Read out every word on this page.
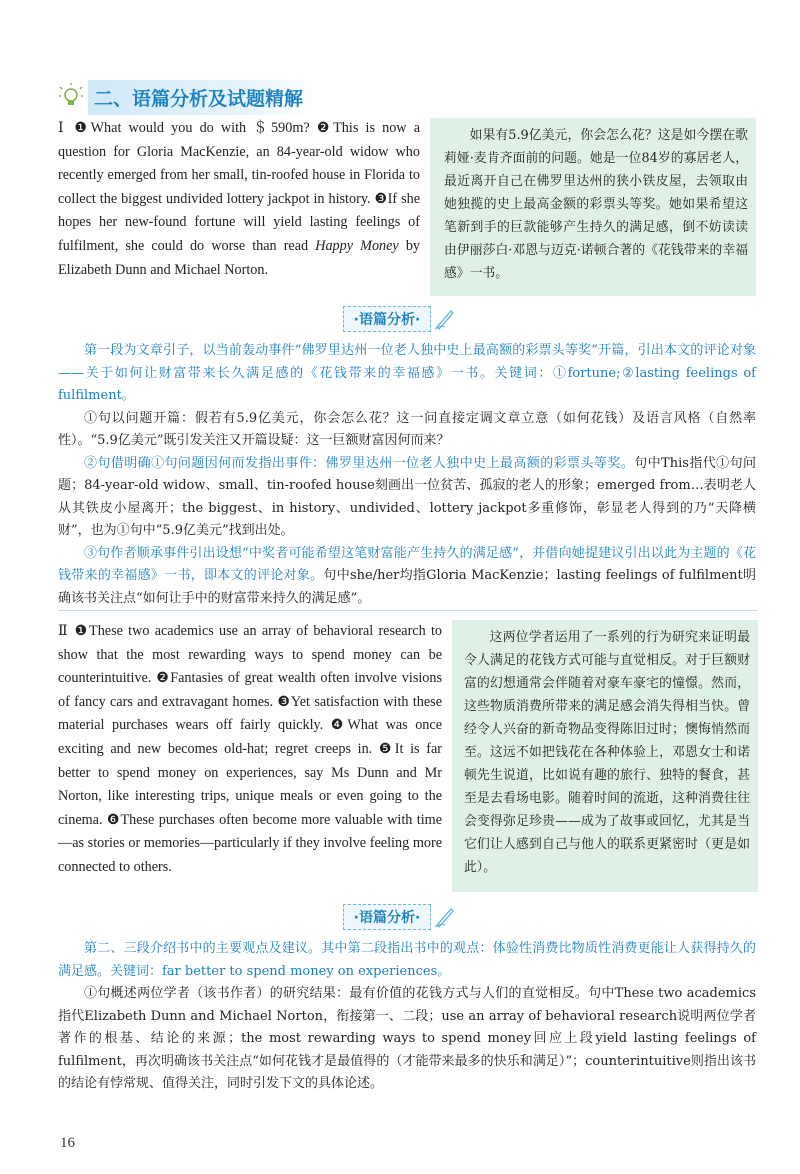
二、语篇分析及试题精解
Ⅰ ❶What would you do with ＄590m? ❷This is now a question for Gloria MacKenzie, an 84-year-old widow who recently emerged from her small, tin-roofed house in Florida to collect the biggest undivided lottery jackpot in history. ❸If she hopes her new-found fortune will yield lasting feelings of fulfilment, she could do worse than read Happy Money by Elizabeth Dunn and Michael Norton.
如果有5.9亿美元，你会怎么花？这是如今摆在歌莉娅·麦肯齐面前的问题。她是一位84岁的寡居老人，最近离开自己在佛罗里达州的狭小铁皮屋，去领取由她独揽的史上最高金额的彩票头等奖。她如果希望这笔新到手的巨款能够产生持久的满足感，倒不妨读读由伊丽莎白·邓恩与迈克·诺顿合著的《花钱带来的幸福感》一书。
·语篇分析·

第一段为文章引子，以当前轰动事件“佛罗里达州一位老人独中史上最高额的彩票头等奖”开篇，引出本文的评论对象——关于如何让财富带来长久满足感的《花钱带来的幸福感》一书。关键词：①fortune;②lasting feelings of fulfilment。

①句以问题开篇：假若有5.9亿美元，你会怎么花？这一问直接定调文章立意（如何花钱）及语言风格（自然率性）。“5.9亿美元”既引发关注又开篇设疑：这一巨额财富因何而来？

②句借明确①句问题因何而发指出事件：佛罗里达州一位老人独中史上最高额的彩票头等奖。句中This指代①句问题；84-year-old widow、small、tin-roofed house刻画出一位贫苦、孤寂的老人的形象；emerged from…表明老人从其铁皮小屋离开；the biggest、in history、undivided、lottery jackpot多重修饰，彰显老人得到的乃“天降横财”，也为①句中“5.9亿美元”找到出处。

③句作者顺承事件引出设想“中奖者可能希望这笔财富能产生持久的满足感”，并借向她提建议引出以此为主题的《花钱带来的幸福感》一书，即本文的评论对象。句中she/her均指Gloria MacKenzie；lasting feelings of fulfilment明确该书关注点“如何让手中的财富带来持久的满足感”。

Ⅱ ❶These two academics use an array of behavioral research to show that the most rewarding ways to spend money can be counterintuitive. ❷Fantasies of great wealth often involve visions of fancy cars and extravagant homes. ❸Yet satisfaction with these material purchases wears off fairly quickly. ❹What was once exciting and new becomes old-hat; regret creeps in. ❺It is far better to spend money on experiences, say Ms Dunn and Mr Norton, like interesting trips, unique meals or even going to the cinema. ❻These purchases often become more valuable with time—as stories or memories—particularly if they involve feeling more connected to others.
这两位学者运用了一系列的行为研究来证明最令人满足的花钱方式可能与直觉相反。对于巨额财富的幻想通常会伴随着对豪车豪宅的憧憬。然而，这些物质消费所带来的满足感会消失得相当快。曾经令人兴奋的新奇物品变得陈旧过时；懊悔悄然而至。这远不如把钱花在各种体验上，邓恩女士和诺顿先生说道，比如说有趣的旅行、独特的餐食，甚至是去看场电影。随着时间的流逝，这种消费往往会变得弥足珍贵——成为了故事或回忆，尤其是当它们让人感到自己与他人的联系更紧密时（更是如此）。
·语篇分析·

第二、三段介绍书中的主要观点及建议。其中第二段指出书中的观点：体验性消费比物质性消费更能让人获得持久的满足感。关键词：far better to spend money on experiences。

①句概述两位学者（该书作者）的研究结果：最有价值的花钱方式与人们的直觉相反。句中These two academics指代Elizabeth Dunn and Michael Norton，衔接第一、二段；use an array of behavioral research说明两位学者著作的根基、结论的来源；the most rewarding ways to spend money回应上段yield lasting feelings of fulfilment，再次明确该书关注点“如何花钱才是最值得的（才能带来最多的快乐和满足）”；counterintuitive则指出该书的结论有悖常规、值得关注，同时引发下文的具体论述。

16
